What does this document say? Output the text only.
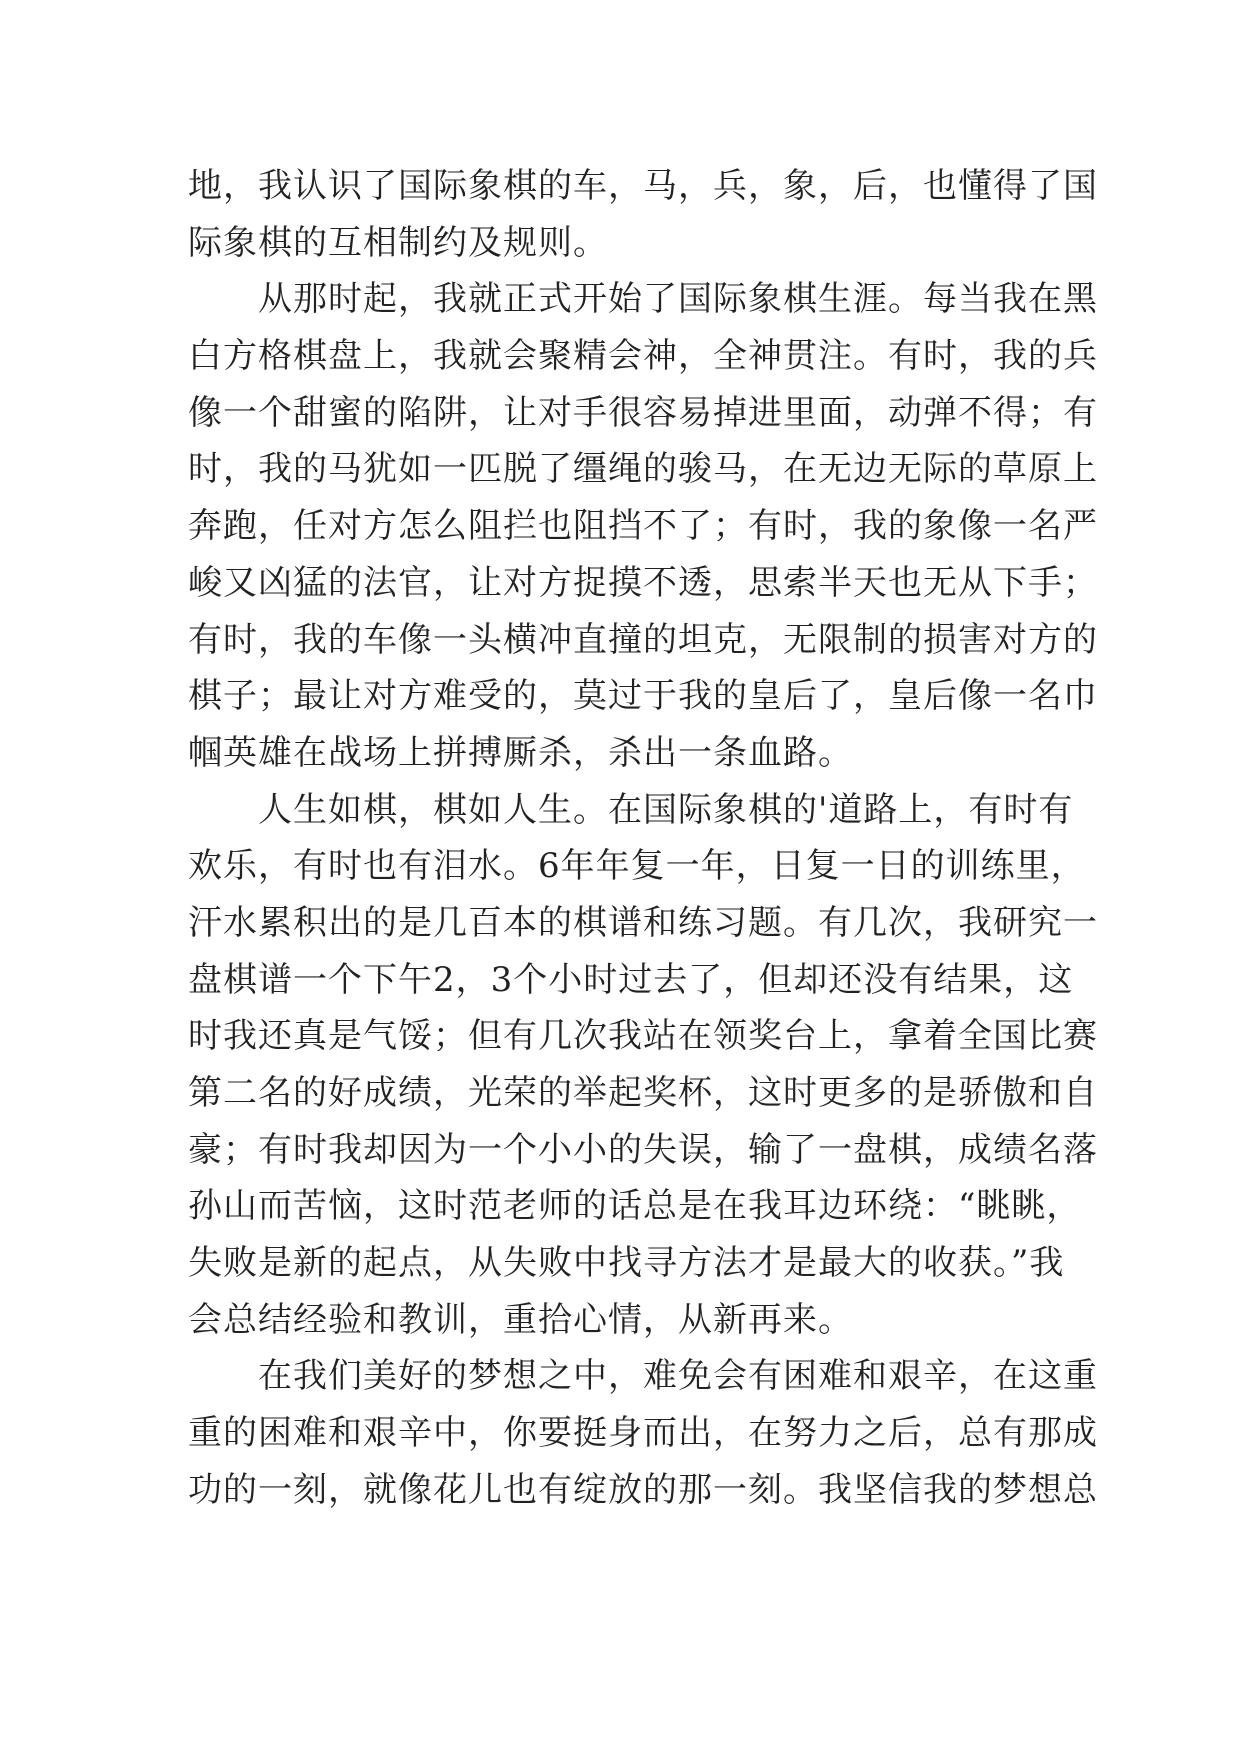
地，我认识了国际象棋的车，马，兵，象，后，也懂得了国
际象棋的互相制约及规则。
　　从那时起，我就正式开始了国际象棋生涯。每当我在黑
白方格棋盘上，我就会聚精会神，全神贯注。有时，我的兵
像一个甜蜜的陷阱，让对手很容易掉进里面，动弹不得；有
时，我的马犹如一匹脱了缰绳的骏马，在无边无际的草原上
奔跑，任对方怎么阻拦也阻挡不了；有时，我的象像一名严
峻又凶猛的法官，让对方捉摸不透，思索半天也无从下手；
有时，我的车像一头横冲直撞的坦克，无限制的损害对方的
棋子；最让对方难受的，莫过于我的皇后了，皇后像一名巾
帼英雄在战场上拼搏厮杀，杀出一条血路。
　　人生如棋，棋如人生。在国际象棋的'道路上，有时有
欢乐，有时也有泪水。6年年复一年，日复一日的训练里，
汗水累积出的是几百本的棋谱和练习题。有几次，我研究一
盘棋谱一个下午2，3个小时过去了，但却还没有结果，这
时我还真是气馁；但有几次我站在领奖台上，拿着全国比赛
第二名的好成绩，光荣的举起奖杯，这时更多的是骄傲和自
豪；有时我却因为一个小小的失误，输了一盘棋，成绩名落
孙山而苦恼，这时范老师的话总是在我耳边环绕：“眺眺，
失败是新的起点，从失败中找寻方法才是最大的收获。”我
会总结经验和教训，重拾心情，从新再来。
　　在我们美好的梦想之中，难免会有困难和艰辛，在这重
重的困难和艰辛中，你要挺身而出，在努力之后，总有那成
功的一刻，就像花儿也有绽放的那一刻。我坚信我的梦想总
